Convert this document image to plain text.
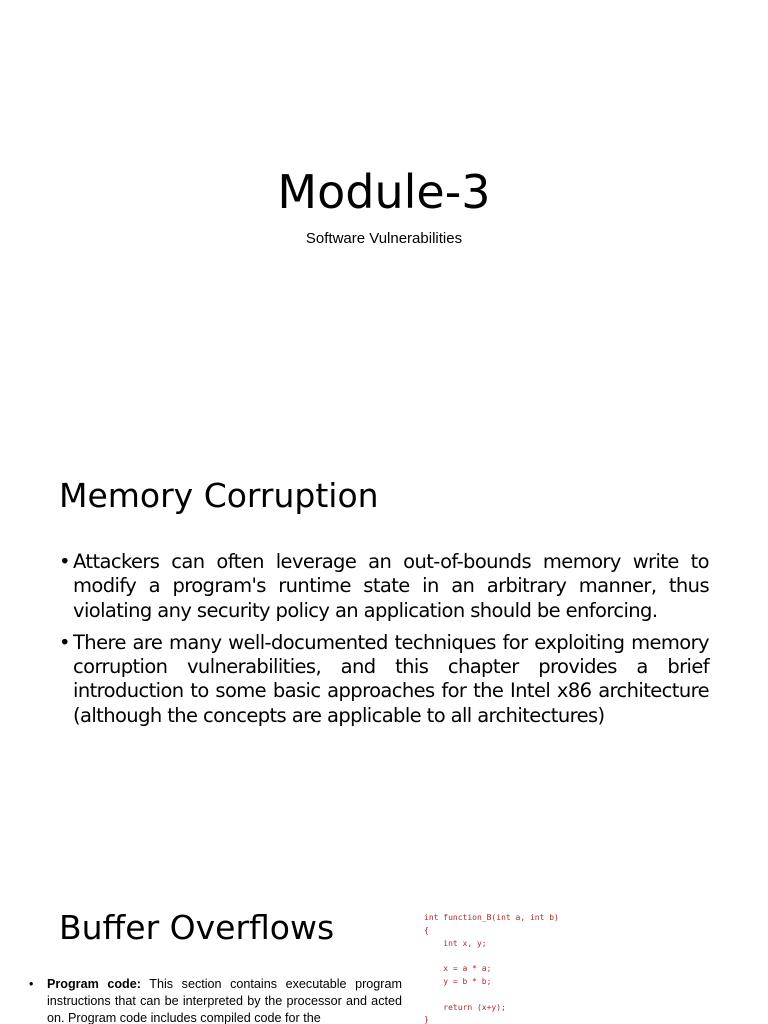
Module-3

Software Vulnerabilities

Memory Corruption
• Attackers can often leverage an out-of-bounds memory write to modify a program's runtime state in an arbitrary manner, thus violating any security policy an application should be enforcing.
• There are many well-documented techniques for exploiting memory corruption vulnerabilities, and this chapter provides a brief introduction to some basic approaches for the Intel x86 architecture (although the concepts are applicable to all architectures)
Buffer Overflows
• Program code: This section contains executable program instructions that can be interpreted by the processor and acted on. Program code includes compiled code for the
int function_B(int a, int b)
{
int x, y;

x = a * a;
y = b * b;

return (x+y);
}
